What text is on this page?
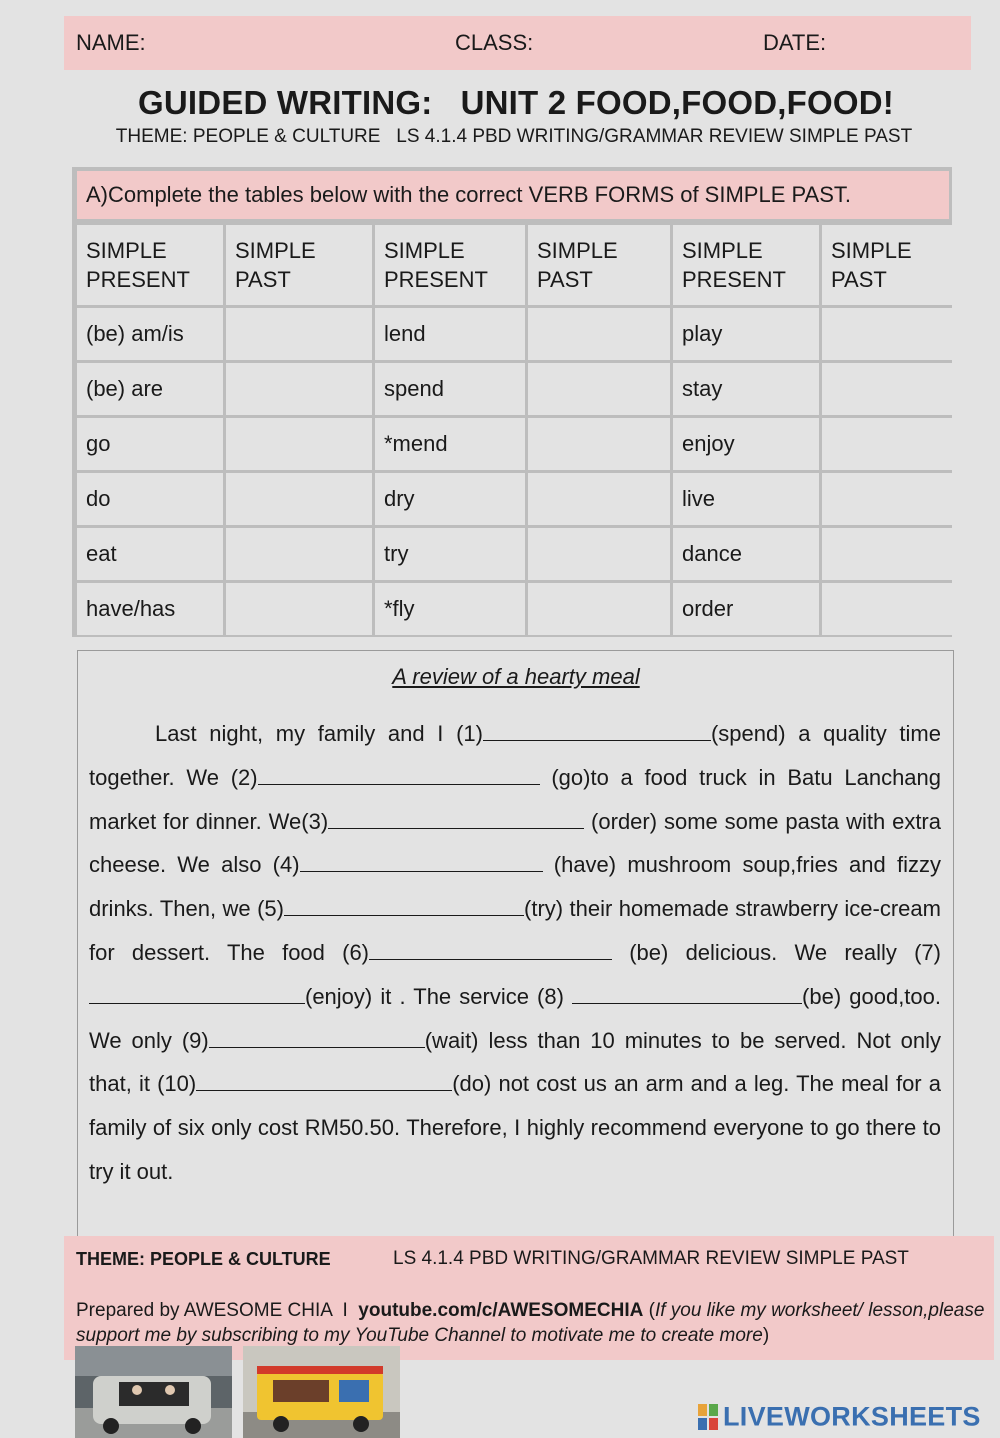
NAME:	CLASS:	DATE:
GUIDED WRITING:   UNIT 2 FOOD,FOOD,FOOD!
THEME: PEOPLE & CULTURE   LS 4.1.4 PBD WRITING/GRAMMAR REVIEW SIMPLE PAST
A)Complete the tables below with the correct VERB FORMS of SIMPLE PAST.
SIMPLE PRESENT	SIMPLE PAST	SIMPLE PRESENT	SIMPLE PAST	SIMPLE PRESENT	SIMPLE PAST
(be) am/is		lend		play	
(be) are		spend		stay	
go		*mend		enjoy	
do		dry		live	
eat		try		dance	
have/has		*fly		order	
A review of a hearty meal
Last night, my family and I (1)	(spend) a quality time together. We (2)	(go)to a food truck in Batu Lanchang market for dinner. We(3)	(order) some some pasta with extra cheese. We also (4)	(have) mushroom soup,fries and fizzy drinks. Then, we (5)	(try) their homemade strawberry ice-cream for dessert. The food (6)	(be) delicious. We really (7)(enjoy) it . The service (8)	(be) good,too. We only (9)	(wait) less than 10 minutes to be served. Not only that, it (10)	(do) not cost us an arm and a leg. The meal for a family of six only cost RM50.50. Therefore, I highly recommend everyone to go there to try it out.
THEME: PEOPLE & CULTURE	LS 4.1.4 PBD WRITING/GRAMMAR REVIEW SIMPLE PAST
Prepared by AWESOME CHIA  I  youtube.com/c/AWESOMECHIA (If you like my worksheet/ lesson,please support me by subscribing to my YouTube Channel to motivate me to create more)
LIVEWORKSHEETS
